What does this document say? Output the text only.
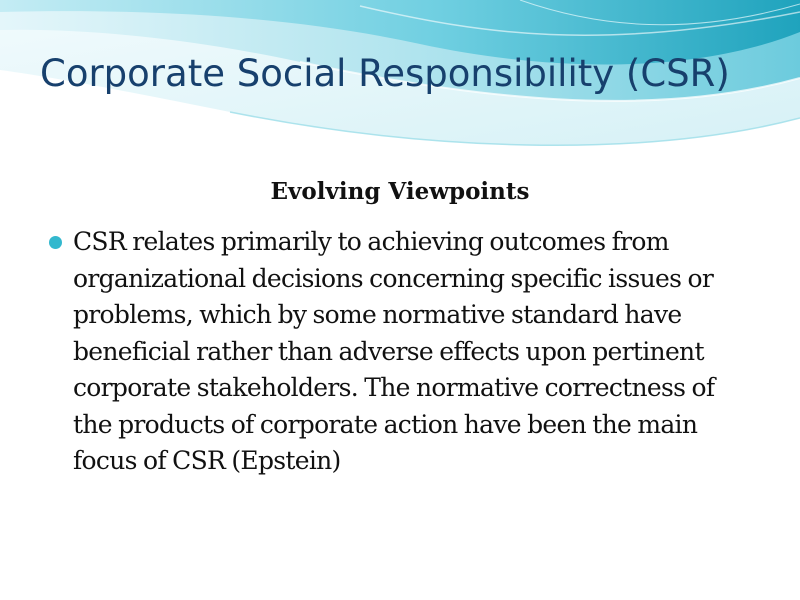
Corporate Social Responsibility (CSR)
Evolving Viewpoints
CSR relates primarily to achieving outcomes from organizational decisions concerning specific issues or problems, which by some normative standard have beneficial rather than adverse effects upon pertinent corporate stakeholders. The normative correctness of the products of corporate action have been the main focus of CSR (Epstein)
